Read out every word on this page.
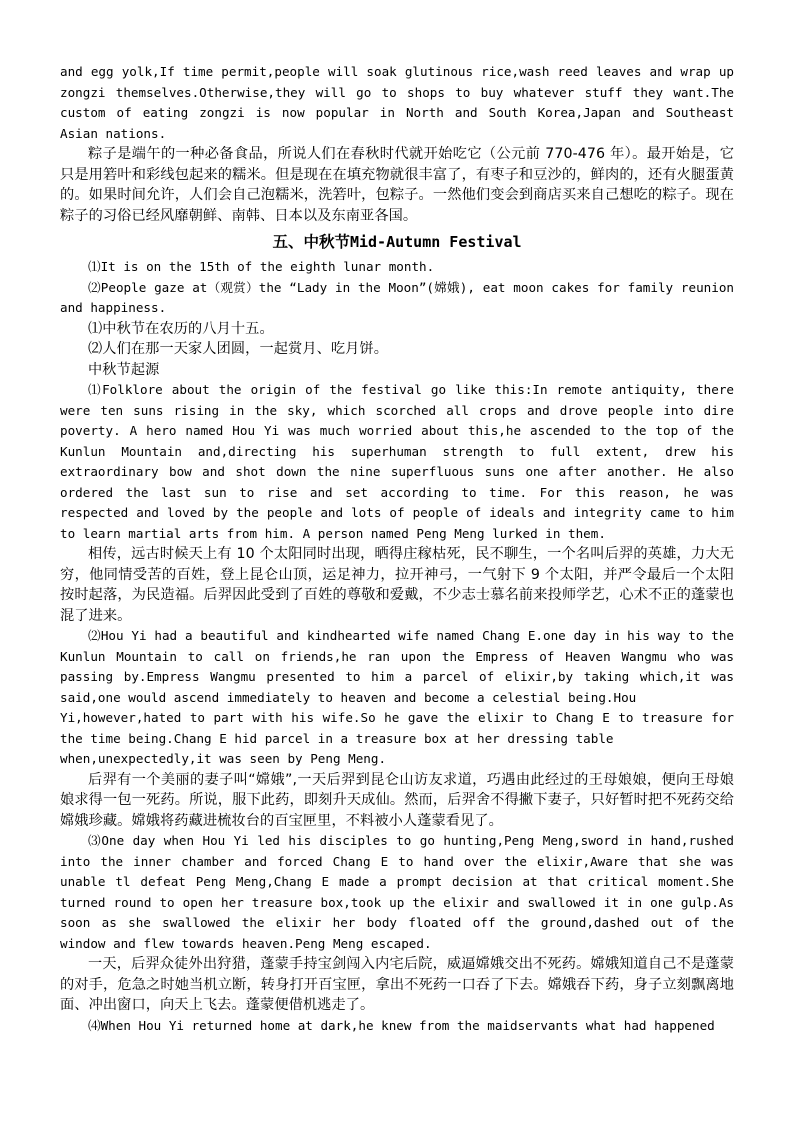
and egg yolk,If time permit,people will soak glutinous rice,wash reed leaves and wrap up zongzi themselves.Otherwise,they will go to shops to buy whatever stuff they want.The custom of eating zongzi is now popular in North and South Korea,Japan and Southeast Asian nations.

粽子是端午的一种必备食品，所说人们在春秋时代就开始吃它（公元前 770-476 年）。最开始是，它只是用箬叶和彩线包起来的糯米。但是现在在填充物就很丰富了，有枣子和豆沙的，鲜肉的，还有火腿蛋黄的。如果时间允许，人们会自己泡糯米，洗箬叶，包粽子。一然他们变会到商店买来自己想吃的粽子。现在粽子的习俗已经风靡朝鲜、南韩、日本以及东南亚各国。

五、中秋节Mid-Autumn Festival

⑴It is on the 15th of the eighth lunar month.

⑵People gaze at（观赏）the “Lady in the Moon”(嫦娥), eat moon cakes for family reunion and happiness.

⑴中秋节在农历的八月十五。

⑵人们在那一天家人团圆，一起赏月、吃月饼。

中秋节起源

⑴Folklore about the origin of the festival go like this:In remote antiquity, there were ten suns rising in the sky, which scorched all crops and drove people into dire poverty. A hero named Hou Yi was much worried about this,he ascended to the top of the Kunlun Mountain and,directing his superhuman strength to full extent, drew his extraordinary bow and shot down the nine superfluous suns one after another. He also ordered the last sun to rise and set according to time. For this reason, he was respected and loved by the people and lots of people of ideals and integrity came to him to learn martial arts from him. A person named Peng Meng lurked in them.

相传，远古时候天上有 10 个太阳同时出现，晒得庄稼枯死，民不聊生，一个名叫后羿的英雄，力大无穷，他同情受苦的百姓，登上昆仑山顶，运足神力，拉开神弓，一气射下 9 个太阳，并严令最后一个太阳按时起落，为民造福。后羿因此受到了百姓的尊敬和爱戴，不少志士慕名前来投师学艺，心术不正的蓬蒙也混了进来。

⑵Hou Yi had a beautiful and kindhearted wife named Chang E.one day in his way to the Kunlun Mountain to call on friends,he ran upon the Empress of Heaven Wangmu who was passing by.Empress Wangmu presented to him a parcel of elixir,by taking which,it was said,one would ascend immediately to heaven and become a celestial being.Hou

Yi,however,hated to part with his wife.So he gave the elixir to Chang E to treasure for the time being.Chang E hid parcel in a treasure box at her dressing table

when,unexpectedly,it was seen by Peng Meng.

后羿有一个美丽的妻子叫“嫦娥”,一天后羿到昆仑山访友求道，巧遇由此经过的王母娘娘，便向王母娘娘求得一包一死药。所说，服下此药，即刻升天成仙。然而，后羿舍不得撇下妻子，只好暂时把不死药交给嫦娥珍藏。嫦娥将药藏进梳妆台的百宝匣里，不料被小人蓬蒙看见了。

⑶One day when Hou Yi led his disciples to go hunting,Peng Meng,sword in hand,rushed into the inner chamber and forced Chang E to hand over the elixir,Aware that she was unable tl defeat Peng Meng,Chang E made a prompt decision at that critical moment.She turned round to open her treasure box,took up the elixir and swallowed it in one gulp.As soon as she swallowed the elixir her body floated off the ground,dashed out of the window and flew towards heaven.Peng Meng escaped.

一天，后羿众徒外出狩猎，蓬蒙手持宝剑闯入内宅后院，威逼嫦娥交出不死药。嫦娥知道自己不是蓬蒙的对手，危急之时她当机立断，转身打开百宝匣，拿出不死药一口吞了下去。嫦娥吞下药，身子立刻飘离地面、冲出窗口，向天上飞去。蓬蒙便借机逃走了。

⑷When Hou Yi returned home at dark,he knew from the maidservants what had happened
